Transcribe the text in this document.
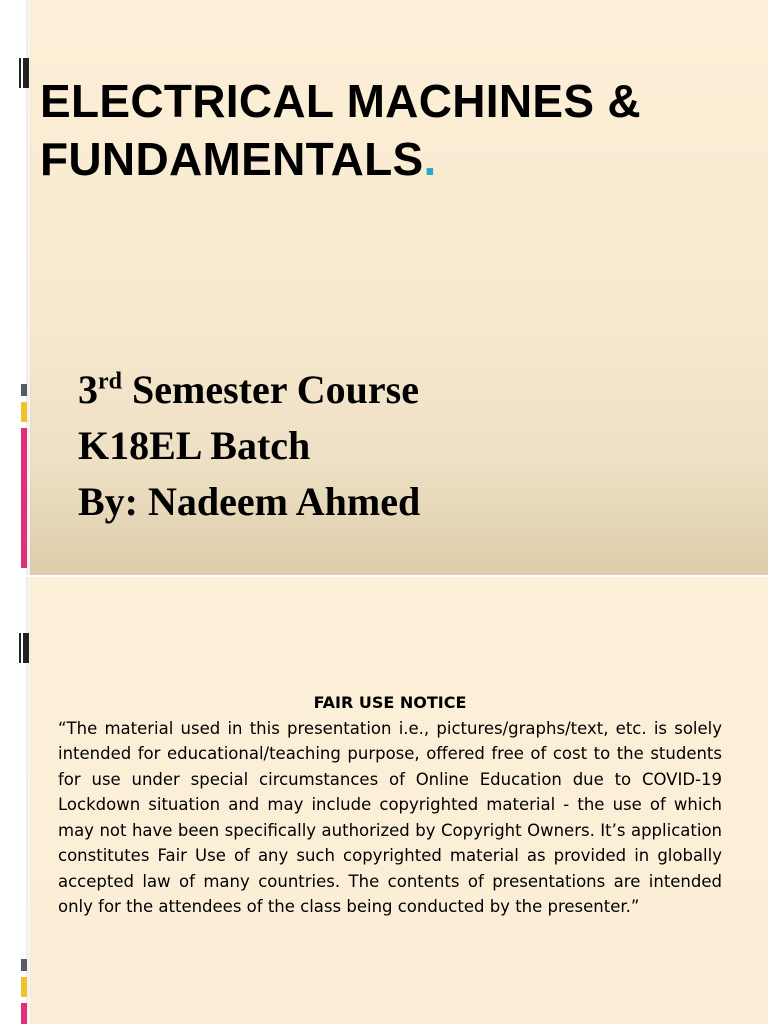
ELECTRICAL MACHINES &
FUNDAMENTALS.
3rd Semester Course
K18EL Batch
By: Nadeem Ahmed
FAIR USE NOTICE
“The material used in this presentation i.e., pictures/graphs/text, etc. is solely intended for educational/teaching purpose, offered free of cost to the students for use under special circumstances of Online Education due to COVID-19 Lockdown situation and may include copyrighted material - the use of which may not have been specifically authorized by Copyright Owners. It’s application constitutes Fair Use of any such copyrighted material as provided in globally accepted law of many countries. The contents of presentations are intended only for the attendees of the class being conducted by the presenter.”
